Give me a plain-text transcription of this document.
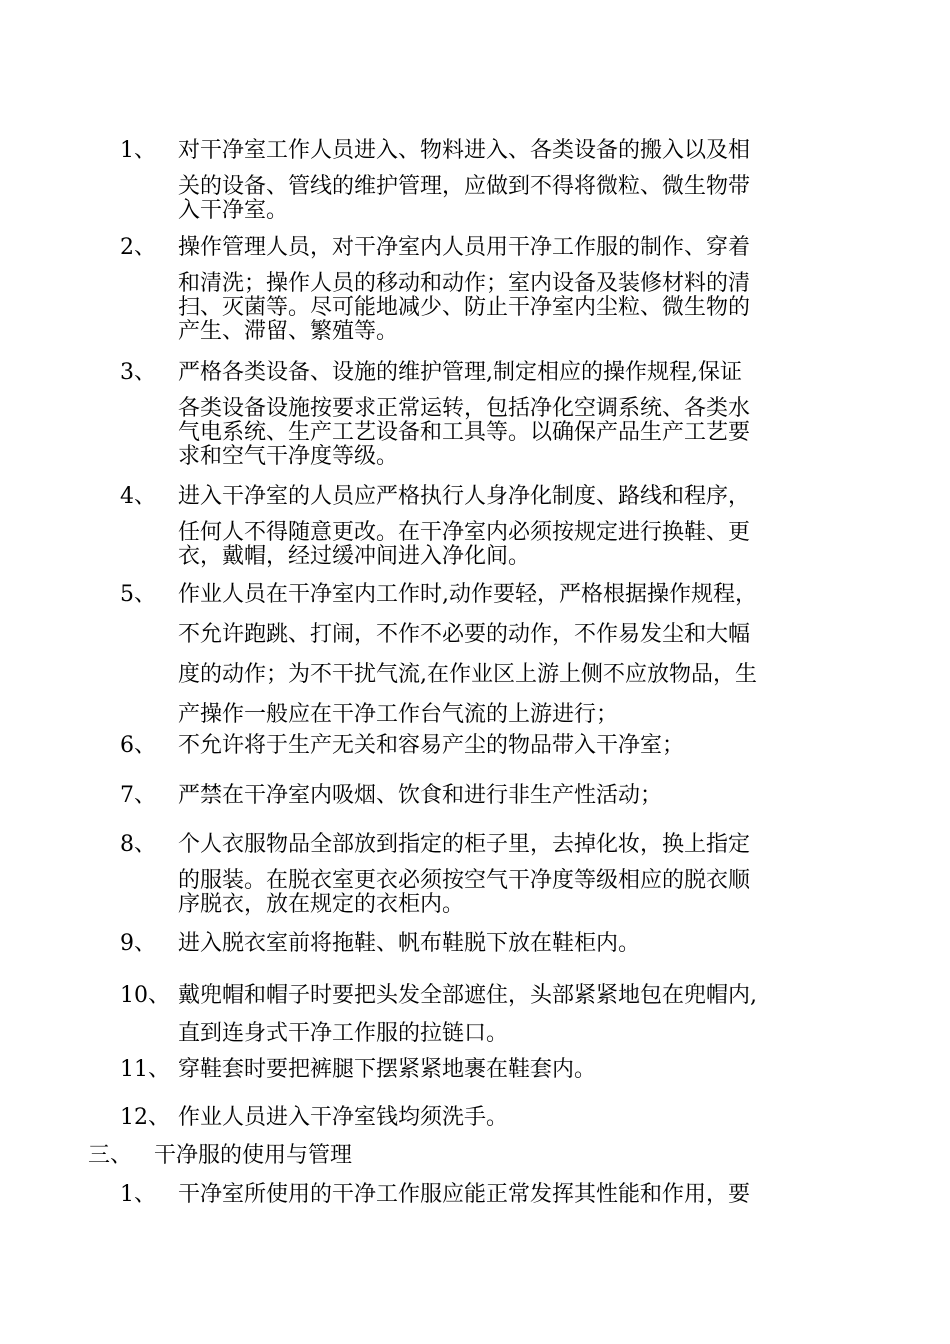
1、 对干净室工作人员进入、物料进入、各类设备的搬入以及相
关的设备、管线的维护管理，应做到不得将微粒、微生物带
入干净室。
2、 操作管理人员，对干净室内人员用干净工作服的制作、穿着
和清洗；操作人员的移动和动作；室内设备及装修材料的清
扫、灭菌等。尽可能地减少、防止干净室内尘粒、微生物的
产生、滞留、繁殖等。
3、 严格各类设备、设施的维护管理,制定相应的操作规程,保证
各类设备设施按要求正常运转，包括净化空调系统、各类水
气电系统、生产工艺设备和工具等。以确保产品生产工艺要
求和空气干净度等级。
4、 进入干净室的人员应严格执行人身净化制度、路线和程序，
任何人不得随意更改。在干净室内必须按规定进行换鞋、更
衣，戴帽，经过缓冲间进入净化间。
5、 作业人员在干净室内工作时,动作要轻，严格根据操作规程，
不允许跑跳、打闹，不作不必要的动作，不作易发尘和大幅
度的动作；为不干扰气流,在作业区上游上侧不应放物品，生
产操作一般应在干净工作台气流的上游进行；
6、 不允许将于生产无关和容易产尘的物品带入干净室；
7、 严禁在干净室内吸烟、饮食和进行非生产性活动；
8、 个人衣服物品全部放到指定的柜子里，去掉化妆，换上指定
的服装。在脱衣室更衣必须按空气干净度等级相应的脱衣顺
序脱衣，放在规定的衣柜内。
9、 进入脱衣室前将拖鞋、帆布鞋脱下放在鞋柜内。
10、 戴兜帽和帽子时要把头发全部遮住，头部紧紧地包在兜帽内,
直到连身式干净工作服的拉链口。
11、 穿鞋套时要把裤腿下摆紧紧地裹在鞋套内。
12、 作业人员进入干净室钱均须洗手。
三、 干净服的使用与管理
1、 干净室所使用的干净工作服应能正常发挥其性能和作用，要
